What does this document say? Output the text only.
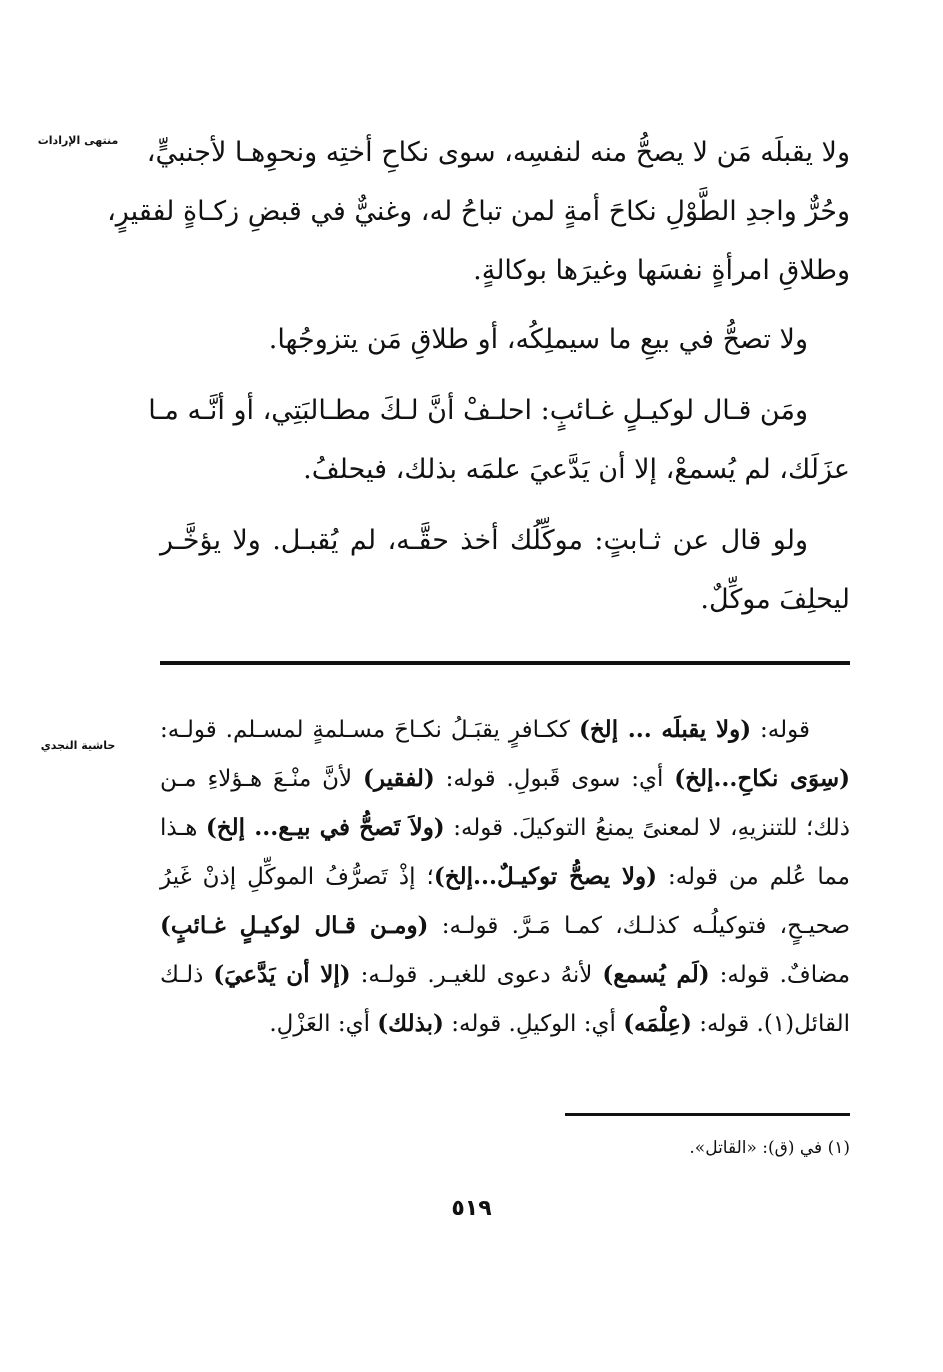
منتهى الإرادات
حاشية النجدي
ولا يقبلَه مَن لا يصحُّ منه لنفسِه، سوى نكاحِ أختِه ونحوِهـا لأجنبيٍّ،
وحُرٌّ واجدِ الطَّوْلِ نكاحَ أمةٍ لمن تباحُ له، وغنيٌّ في قبضِ زكـاةٍ لفقيرٍ،
وطلاقِ امرأةٍ نفسَها وغيرَها بوكالةٍ.
ولا تصحُّ في بيعِ ما سيملِكُه، أو طلاقِ مَن يتزوجُها.
ومَن قـال لوكيـلٍ غـائبٍ: احلـفْ أنَّ لـكَ مطـالبَتِي، أو أنَّـه مـا
عزَلَك، لم يُسمعْ، إلا أن يَدَّعيَ علمَه بذلك، فيحلفُ.
ولو قال عن ثـابتٍ: موكِّلُك أخذ حقَّـه، لم يُقبـل. ولا يؤخَّـر
ليحلِفَ موكِّلٌ.
قوله: (ولا يقبلَه ... إلخ) ككـافرٍ يقبَـلُ نكـاحَ مسـلمةٍ لمسـلم. قولـه:
(سِوَى نكاحِ...إلخ) أي: سوى قَبولِ. قوله: (لفقير) لأنَّ منْـعَ هـؤلاءِ مـن
ذلك؛ للتنزيهِ، لا لمعنىً يمنعُ التوكيلَ. قوله: (ولاَ تَصحُّ في بيـع... إلخ) هـذا
مما عُلم من قوله: (ولا يصحُّ توكيـلٌ...إلخ)؛ إذْ تَصرُّفُ الموكِّلِ إذنْ غَيرُ
صحيـحٍ، فتوكيلُـه كذلـك، كمـا مَـرَّ. قولـه: (ومـن قـال لوكيـلٍ غـائبٍ)
مضافٌ. قوله: (لَم يُسمع) لأنهُ دعوى للغيـر. قولـه: (إلا أن يَدَّعيَ) ذلـك
القائل(١). قوله: (عِلْمَه) أي: الوكيلِ. قوله: (بذلك) أي: العَزْلِ.
(١) في (ق): «القاتل».
٥١٩
